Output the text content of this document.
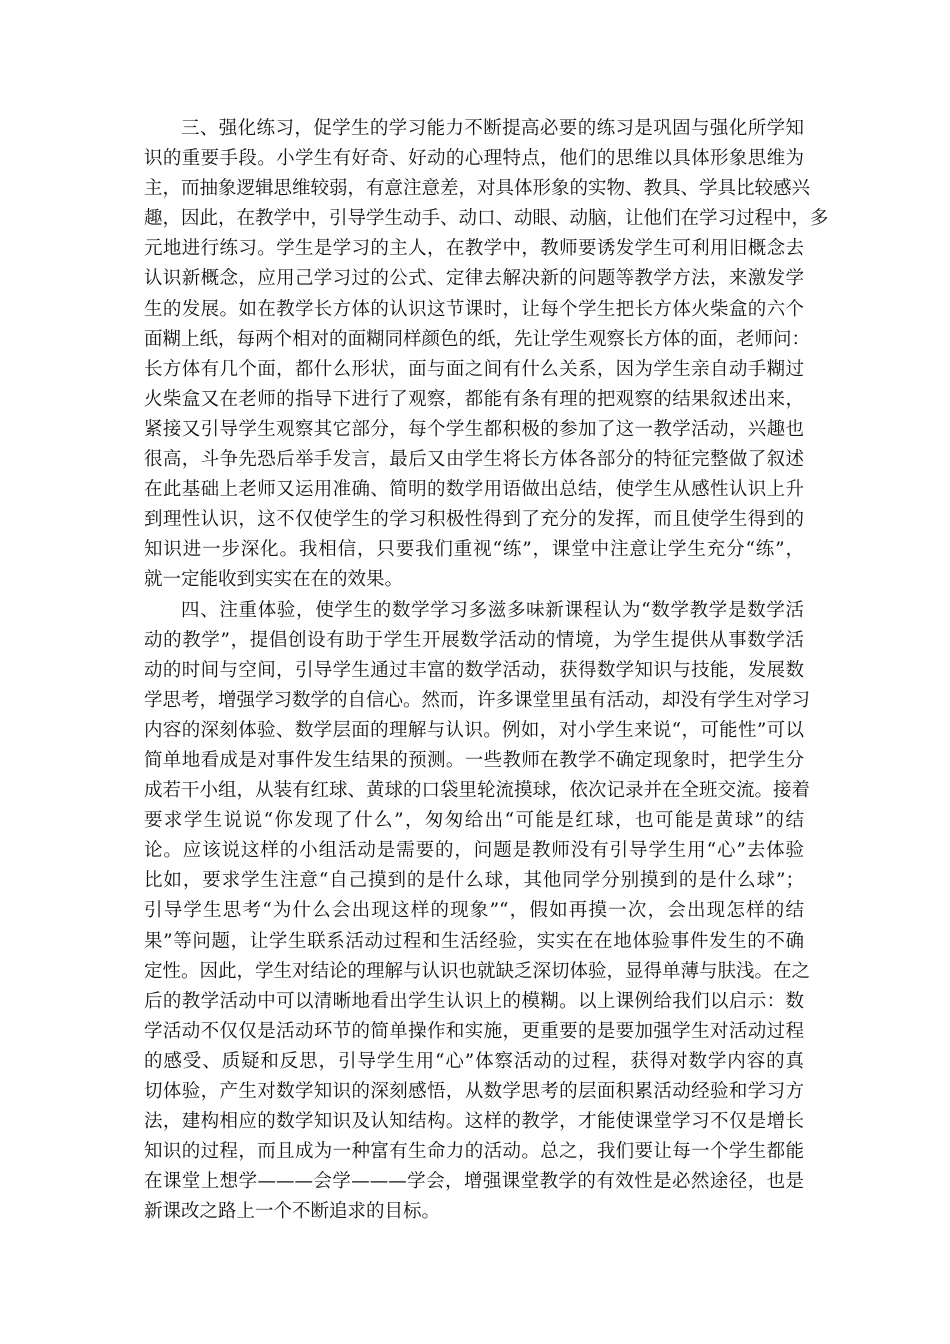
三、强化练习，促学生的学习能力不断提高必要的练习是巩固与强化所学知
识的重要手段。小学生有好奇、好动的心理特点，他们的思维以具体形象思维为
主，而抽象逻辑思维较弱，有意注意差，对具体形象的实物、教具、学具比较感兴
趣，因此，在教学中，引导学生动手、动口、动眼、动脑，让他们在学习过程中，多
元地进行练习。学生是学习的主人，在教学中，教师要诱发学生可利用旧概念去
认识新概念，应用己学习过的公式、定律去解决新的问题等教学方法，来激发学
生的发展。如在教学长方体的认识这节课时，让每个学生把长方体火柴盒的六个
面糊上纸，每两个相对的面糊同样颜色的纸，先让学生观察长方体的面，老师问：
长方体有几个面，都什么形状，面与面之间有什么关系，因为学生亲自动手糊过
火柴盒又在老师的指导下进行了观察，都能有条有理的把观察的结果叙述出来，
紧接又引导学生观察其它部分，每个学生都积极的参加了这一教学活动，兴趣也
很高，斗争先恐后举手发言，最后又由学生将长方体各部分的特征完整做了叙述
在此基础上老师又运用准确、简明的数学用语做出总结，使学生从感性认识上升
到理性认识，这不仅使学生的学习积极性得到了充分的发挥，而且使学生得到的
知识进一步深化。我相信，只要我们重视“练”，课堂中注意让学生充分“练”，
就一定能收到实实在在的效果。
四、注重体验，使学生的数学学习多滋多味新课程认为“数学教学是数学活
动的教学”，提倡创设有助于学生开展数学活动的情境，为学生提供从事数学活
动的时间与空间，引导学生通过丰富的数学活动，获得数学知识与技能，发展数
学思考，增强学习数学的自信心。然而，许多课堂里虽有活动，却没有学生对学习
内容的深刻体验、数学层面的理解与认识。例如，对小学生来说“，可能性”可以
简单地看成是对事件发生结果的预测。一些教师在教学不确定现象时，把学生分
成若干小组，从装有红球、黄球的口袋里轮流摸球，依次记录并在全班交流。接着
要求学生说说“你发现了什么”，匆匆给出“可能是红球，也可能是黄球”的结
论。应该说这样的小组活动是需要的，问题是教师没有引导学生用“心”去体验
比如，要求学生注意“自己摸到的是什么球，其他同学分别摸到的是什么球”；
引导学生思考“为什么会出现这样的现象”“，假如再摸一次，会出现怎样的结
果”等问题，让学生联系活动过程和生活经验，实实在在地体验事件发生的不确
定性。因此，学生对结论的理解与认识也就缺乏深切体验，显得单薄与肤浅。在之
后的教学活动中可以清晰地看出学生认识上的模糊。以上课例给我们以启示：数
学活动不仅仅是活动环节的简单操作和实施，更重要的是要加强学生对活动过程
的感受、质疑和反思，引导学生用“心”体察活动的过程，获得对数学内容的真
切体验，产生对数学知识的深刻感悟，从数学思考的层面积累活动经验和学习方
法，建构相应的数学知识及认知结构。这样的教学，才能使课堂学习不仅是增长
知识的过程，而且成为一种富有生命力的活动。总之，我们要让每一个学生都能
在课堂上想学———会学———学会，增强课堂教学的有效性是必然途径，也是
新课改之路上一个不断追求的目标。
